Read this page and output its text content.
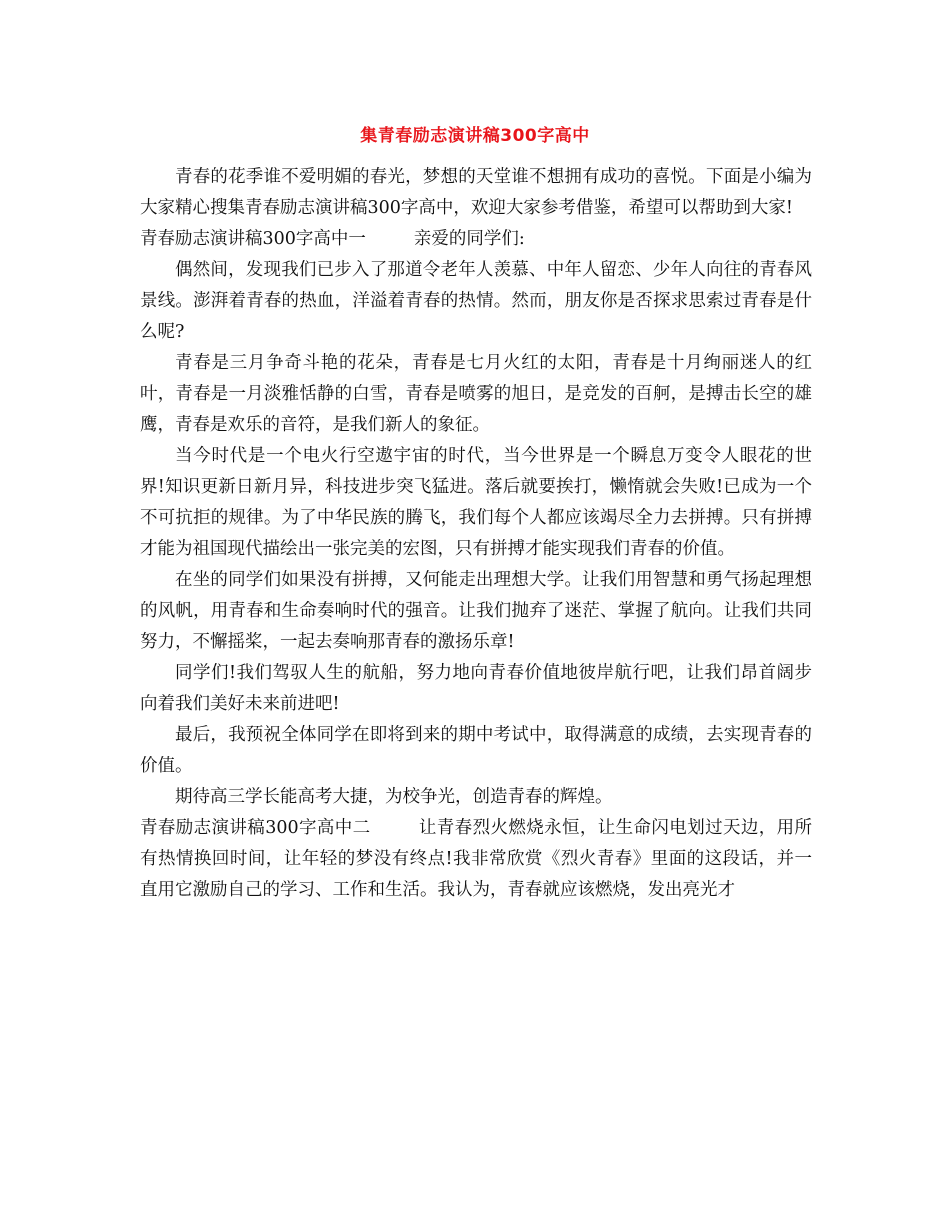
集青春励志演讲稿300字高中

青春的花季谁不爱明媚的春光，梦想的天堂谁不想拥有成功的喜悦。下面是小编为大家精心搜集青春励志演讲稿300字高中，欢迎大家参考借鉴，希望可以帮助到大家!

青春励志演讲稿300字高中一	亲爱的同学们:

偶然间，发现我们已步入了那道令老年人羡慕、中年人留恋、少年人向往的青春风景线。澎湃着青春的热血，洋溢着青春的热情。然而，朋友你是否探求思索过青春是什么呢?

青春是三月争奇斗艳的花朵，青春是七月火红的太阳，青春是十月绚丽迷人的红叶，青春是一月淡雅恬静的白雪，青春是喷雾的旭日，是竞发的百舸，是搏击长空的雄鹰，青春是欢乐的音符，是我们新人的象征。

当今时代是一个电火行空遨宇宙的时代，当今世界是一个瞬息万变令人眼花的世界!知识更新日新月异，科技进步突飞猛进。落后就要挨打，懒惰就会失败!已成为一个不可抗拒的规律。为了中华民族的腾飞，我们每个人都应该竭尽全力去拼搏。只有拼搏才能为祖国现代描绘出一张完美的宏图，只有拼搏才能实现我们青春的价值。

在坐的同学们如果没有拼搏，又何能走出理想大学。让我们用智慧和勇气扬起理想的风帆，用青春和生命奏响时代的强音。让我们抛弃了迷茫、掌握了航向。让我们共同努力，不懈摇桨，一起去奏响那青春的激扬乐章!

同学们!我们驾驭人生的航船，努力地向青春价值地彼岸航行吧，让我们昂首阔步向着我们美好未来前进吧!

最后，我预祝全体同学在即将到来的期中考试中，取得满意的成绩，去实现青春的价值。

期待高三学长能高考大捷，为校争光，创造青春的辉煌。

青春励志演讲稿300字高中二	让青春烈火燃烧永恒，让生命闪电划过天边，用所有热情换回时间，让年轻的梦没有终点!我非常欣赏《烈火青春》里面的这段话，并一直用它激励自己的学习、工作和生活。我认为，青春就应该燃烧，发出亮光才
